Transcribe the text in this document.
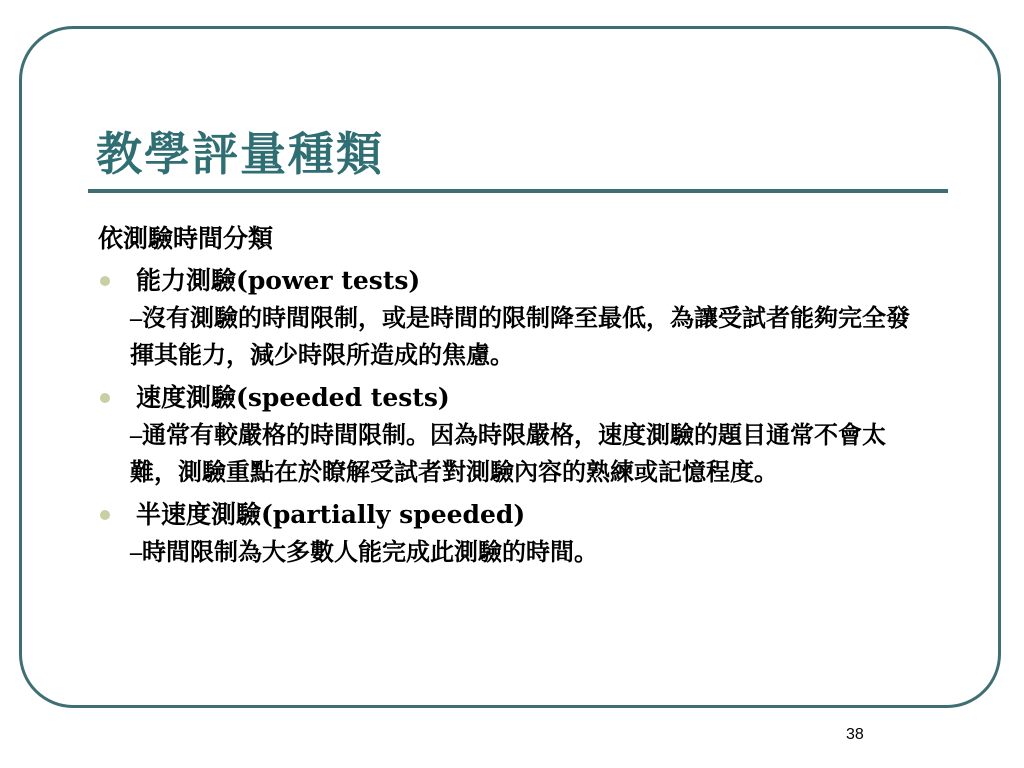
教學評量種類

依測驗時間分類

能力測驗(power tests)

–沒有測驗的時間限制，或是時間的限制降至最低，為讓受試者能夠完全發揮其能力，減少時限所造成的焦慮。

速度測驗(speeded tests)

–通常有較嚴格的時間限制。因為時限嚴格，速度測驗的題目通常不會太難，測驗重點在於瞭解受試者對測驗內容的熟練或記憶程度。

半速度測驗(partially speeded)

–時間限制為大多數人能完成此測驗的時間。

38
